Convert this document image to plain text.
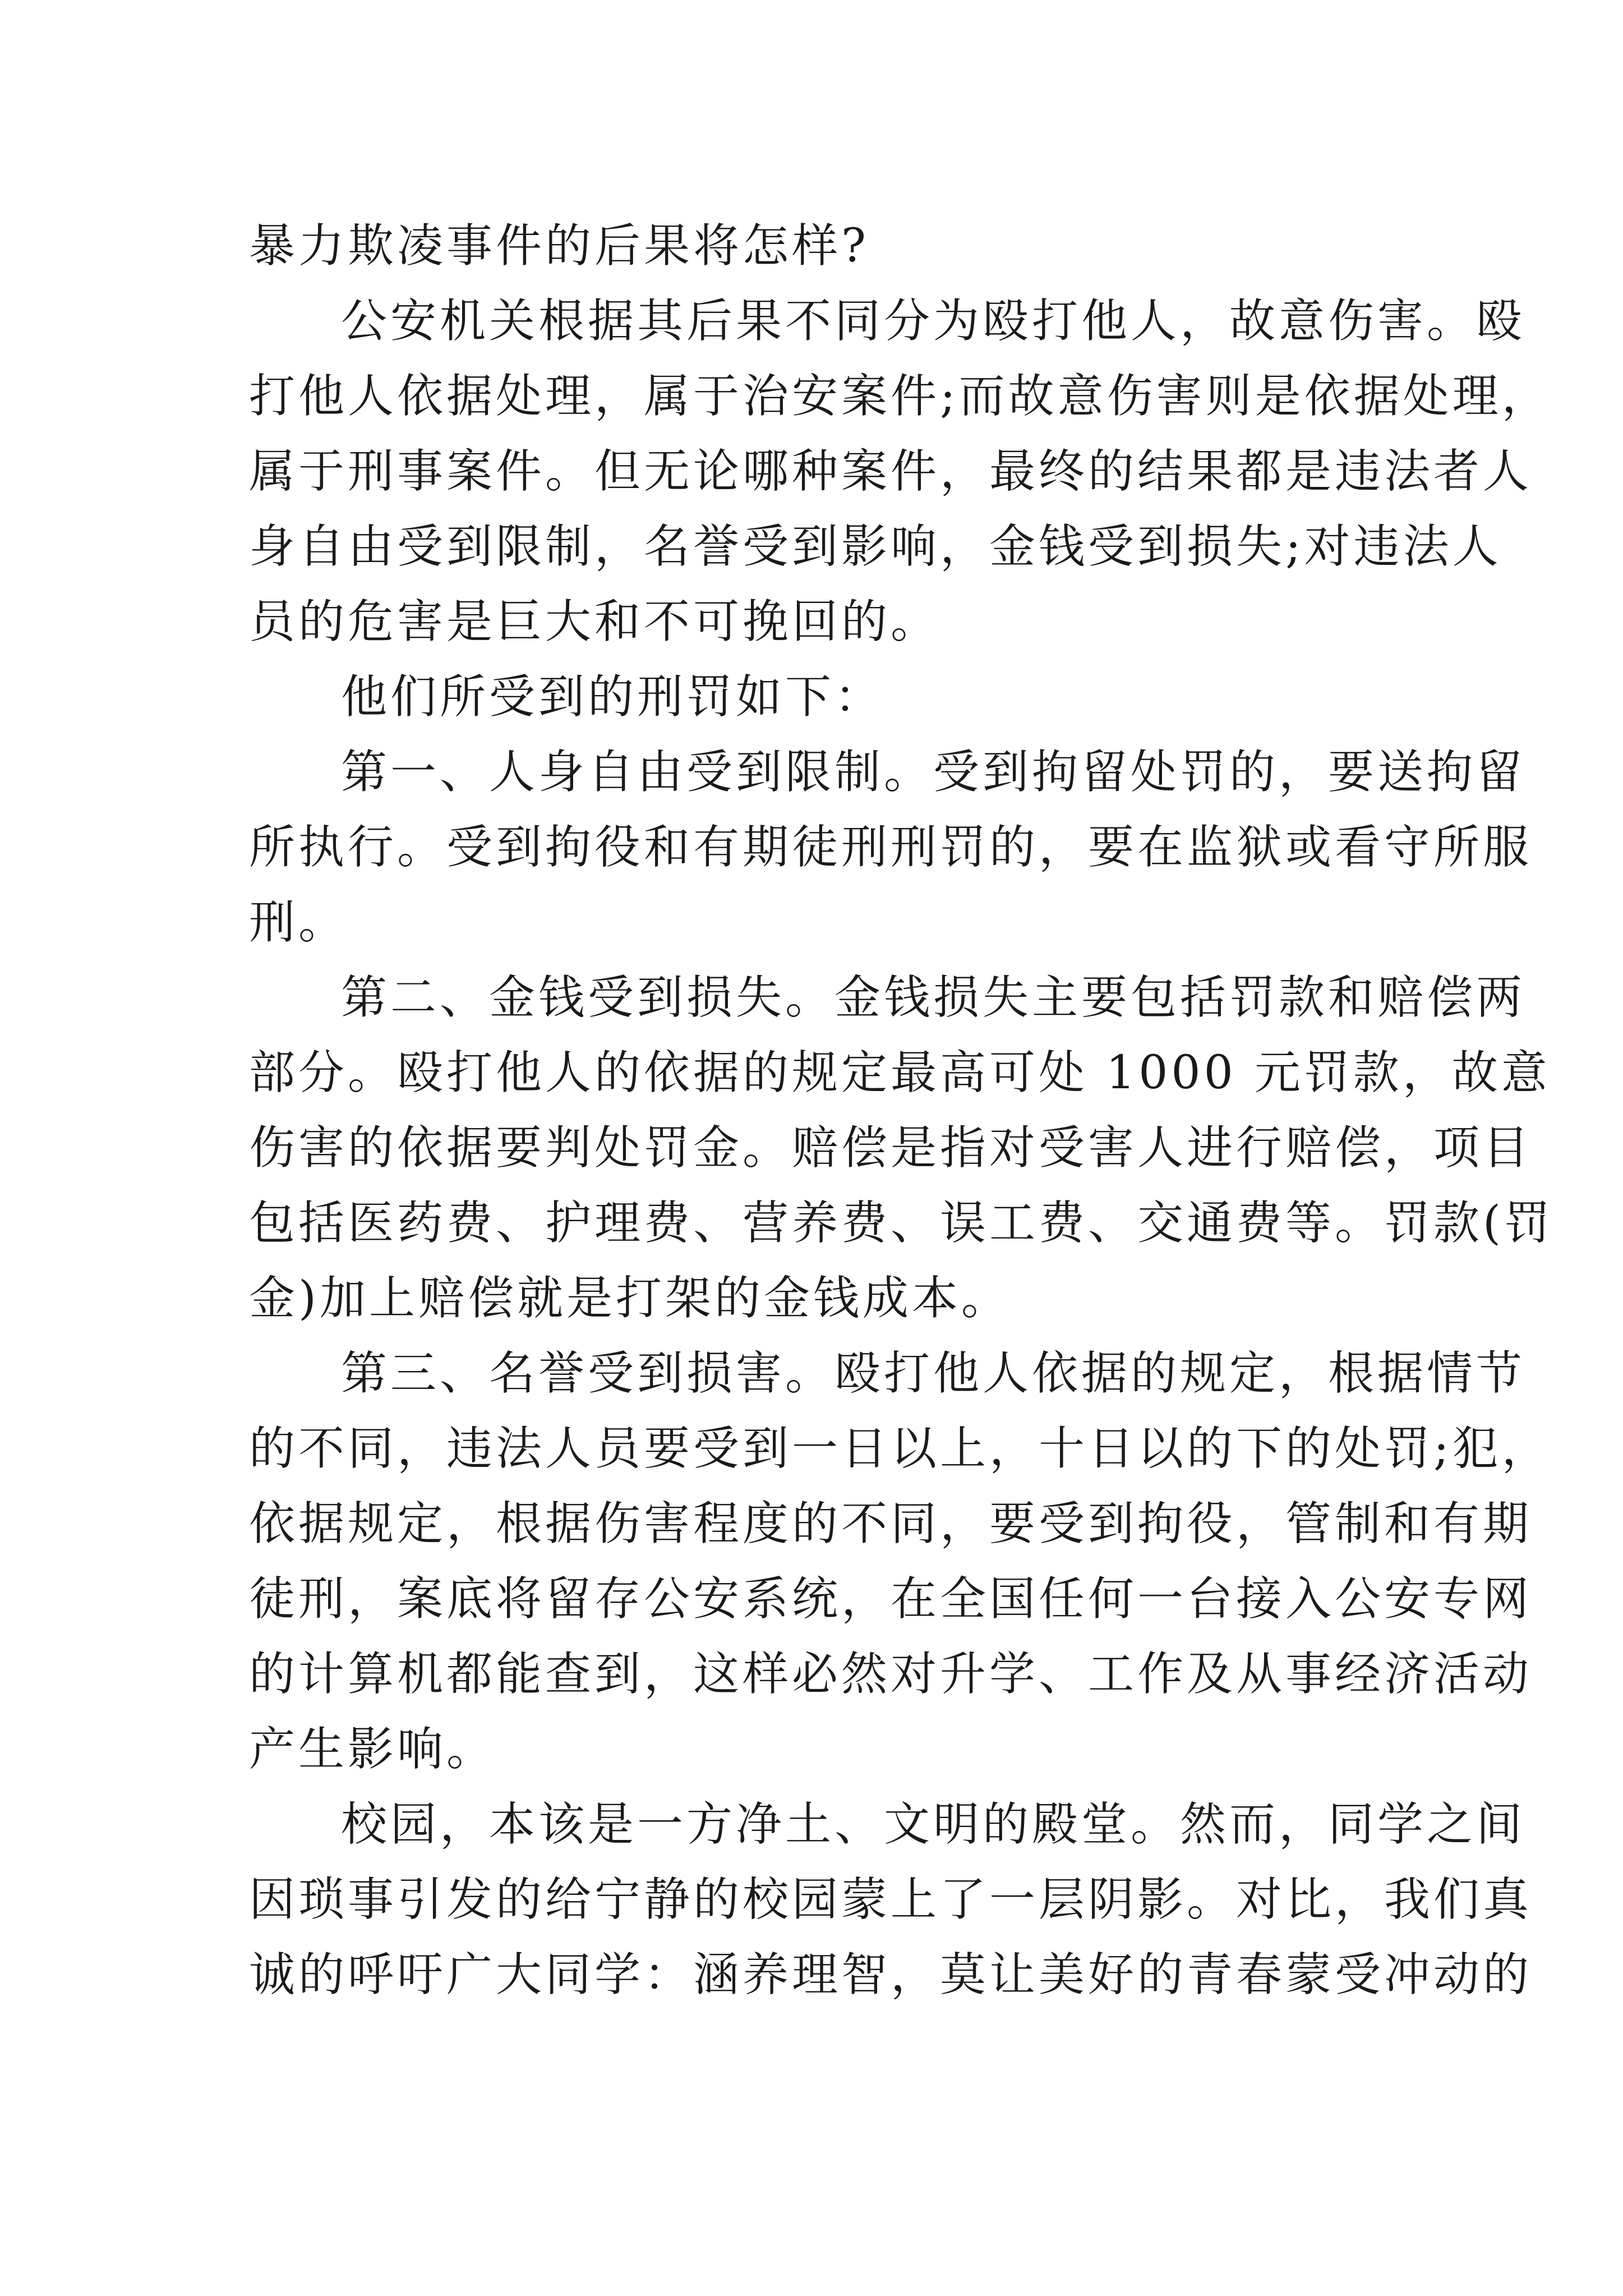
暴力欺凌事件的后果将怎样?
公安机关根据其后果不同分为殴打他人，故意伤害。殴
打他人依据处理，属于治安案件;而故意伤害则是依据处理，
属于刑事案件。但无论哪种案件，最终的结果都是违法者人
身自由受到限制，名誉受到影响，金钱受到损失;对违法人
员的危害是巨大和不可挽回的。
他们所受到的刑罚如下：
第一、人身自由受到限制。受到拘留处罚的，要送拘留
所执行。受到拘役和有期徒刑刑罚的，要在监狱或看守所服
刑。
第二、金钱受到损失。金钱损失主要包括罚款和赔偿两
部分。殴打他人的依据的规定最高可处 1000 元罚款，故意
伤害的依据要判处罚金。赔偿是指对受害人进行赔偿，项目
包括医药费、护理费、营养费、误工费、交通费等。罚款(罚
金)加上赔偿就是打架的金钱成本。
第三、名誉受到损害。殴打他人依据的规定，根据情节
的不同，违法人员要受到一日以上，十日以的下的处罚;犯，
依据规定，根据伤害程度的不同，要受到拘役，管制和有期
徒刑，案底将留存公安系统，在全国任何一台接入公安专网
的计算机都能查到，这样必然对升学、工作及从事经济活动
产生影响。
校园，本该是一方净土、文明的殿堂。然而，同学之间
因琐事引发的给宁静的校园蒙上了一层阴影。对比，我们真
诚的呼吁广大同学：涵养理智，莫让美好的青春蒙受冲动的
